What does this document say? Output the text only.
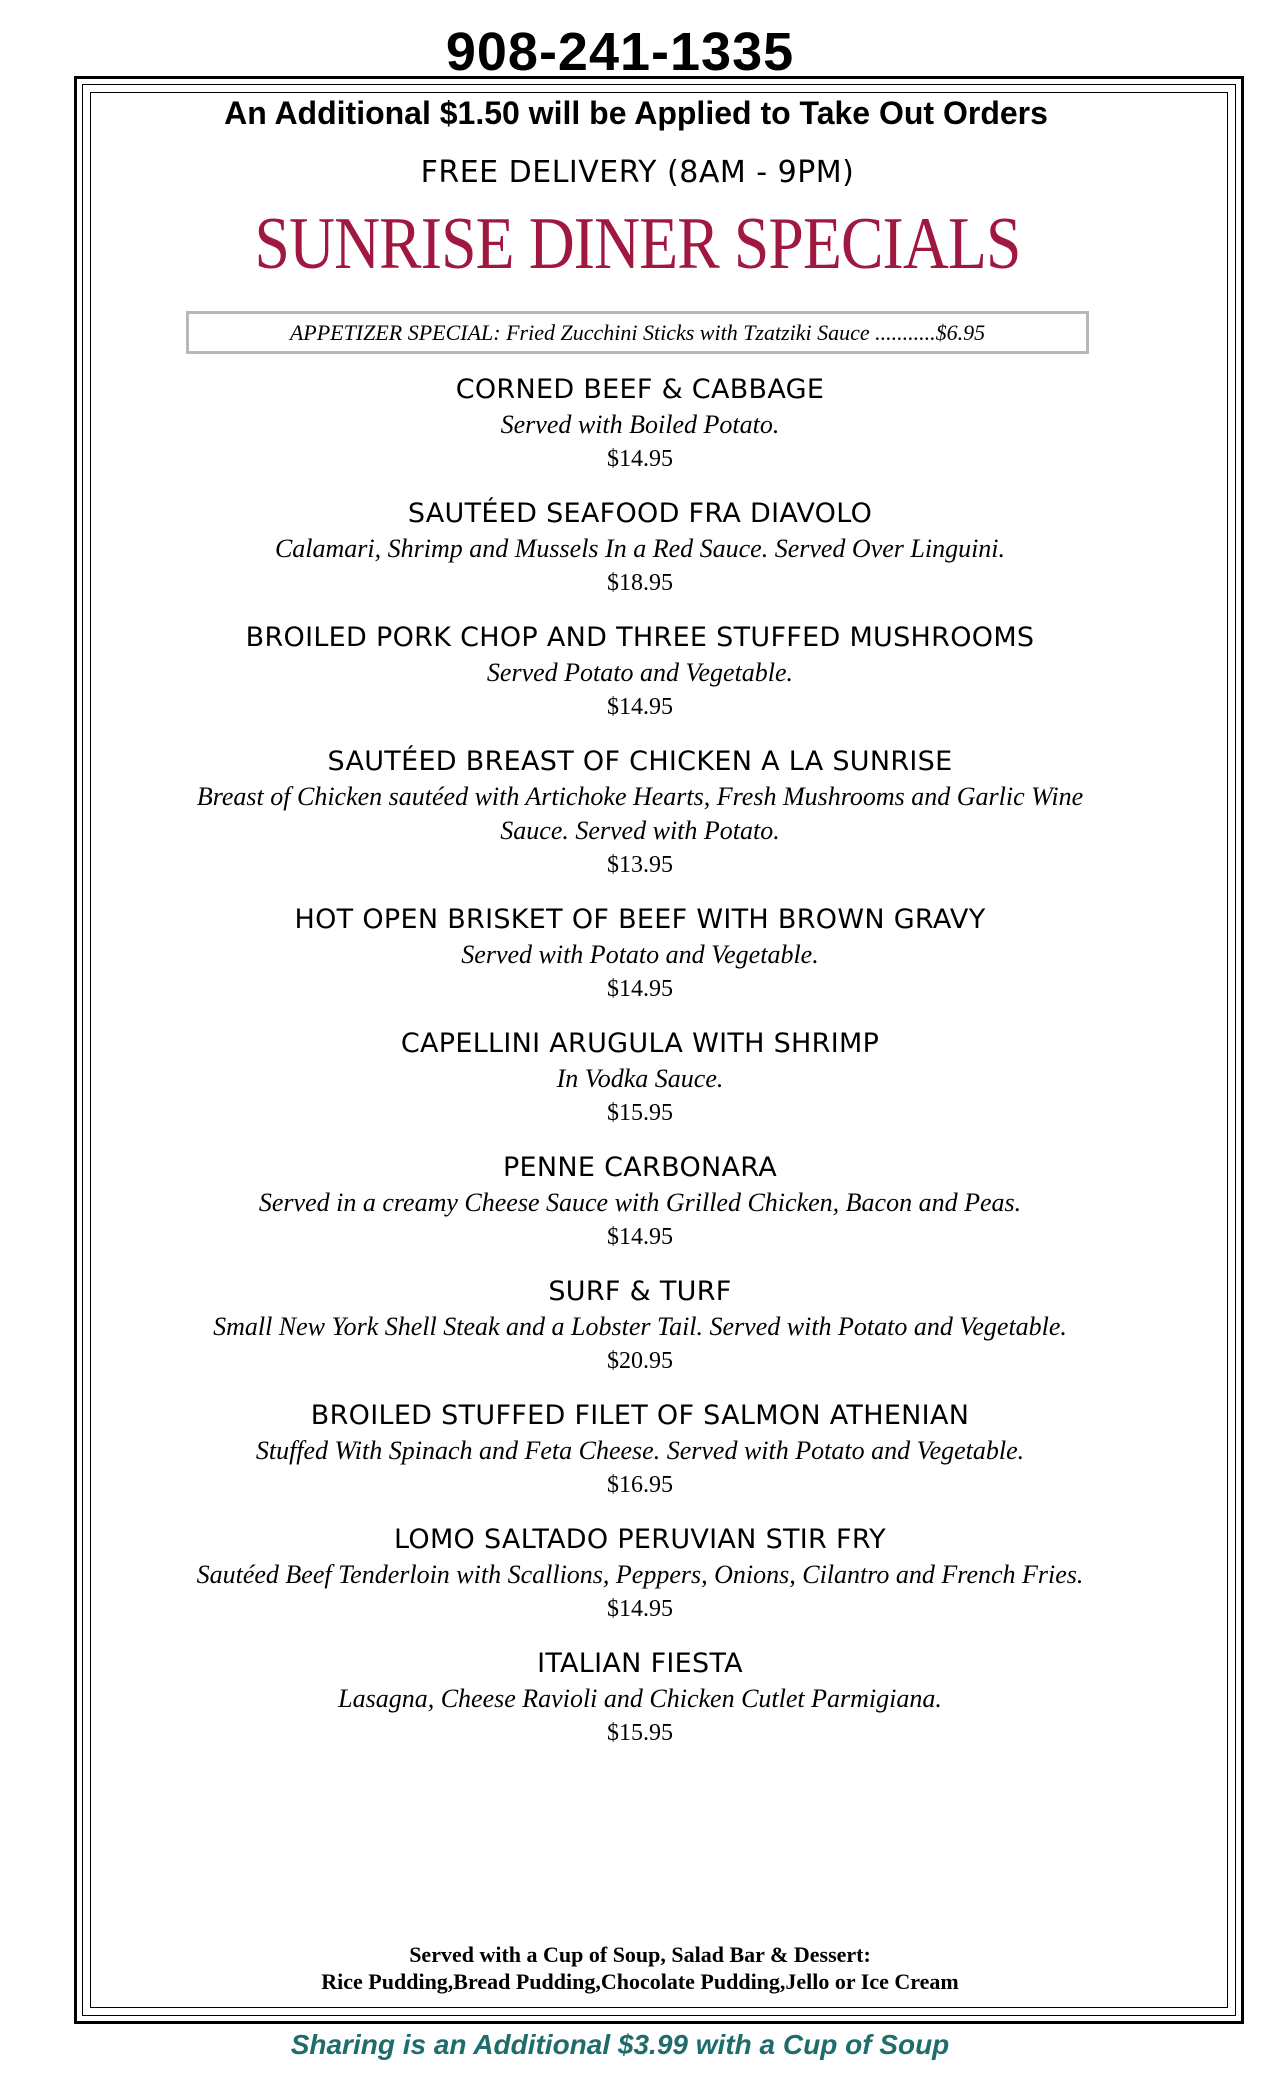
908-241-1335
An Additional $1.50 will be Applied to Take Out Orders
FREE DELIVERY (8AM - 9PM)
SUNRISE DINER SPECIALS
APPETIZER SPECIAL: Fried Zucchini Sticks with Tzatziki Sauce ...........$6.95
CORNED BEEF & CABBAGE
Served with Boiled Potato.
$14.95
SAUTÉED SEAFOOD FRA DIAVOLO
Calamari, Shrimp and Mussels In a Red Sauce. Served Over Linguini.
$18.95
BROILED PORK CHOP AND THREE STUFFED MUSHROOMS
Served Potato and Vegetable.
$14.95
SAUTÉED BREAST OF CHICKEN A LA SUNRISE
Breast of Chicken sautéed with Artichoke Hearts, Fresh Mushrooms and Garlic Wine Sauce. Served with Potato.
$13.95
HOT OPEN BRISKET OF BEEF WITH BROWN GRAVY
Served with Potato and Vegetable.
$14.95
CAPELLINI ARUGULA WITH SHRIMP
In Vodka Sauce.
$15.95
PENNE CARBONARA
Served in a creamy Cheese Sauce with Grilled Chicken, Bacon and Peas.
$14.95
SURF & TURF
Small New York Shell Steak and a Lobster Tail. Served with Potato and Vegetable.
$20.95
BROILED STUFFED FILET OF SALMON ATHENIAN
Stuffed With Spinach and Feta Cheese. Served with Potato and Vegetable.
$16.95
LOMO SALTADO PERUVIAN STIR FRY
Sautéed Beef Tenderloin with Scallions, Peppers, Onions, Cilantro and French Fries.
$14.95
ITALIAN FIESTA
Lasagna, Cheese Ravioli and Chicken Cutlet Parmigiana.
$15.95
Served with a Cup of Soup, Salad Bar & Dessert:
Rice Pudding,Bread Pudding,Chocolate Pudding,Jello or Ice Cream
Sharing is an Additional $3.99 with a Cup of Soup
